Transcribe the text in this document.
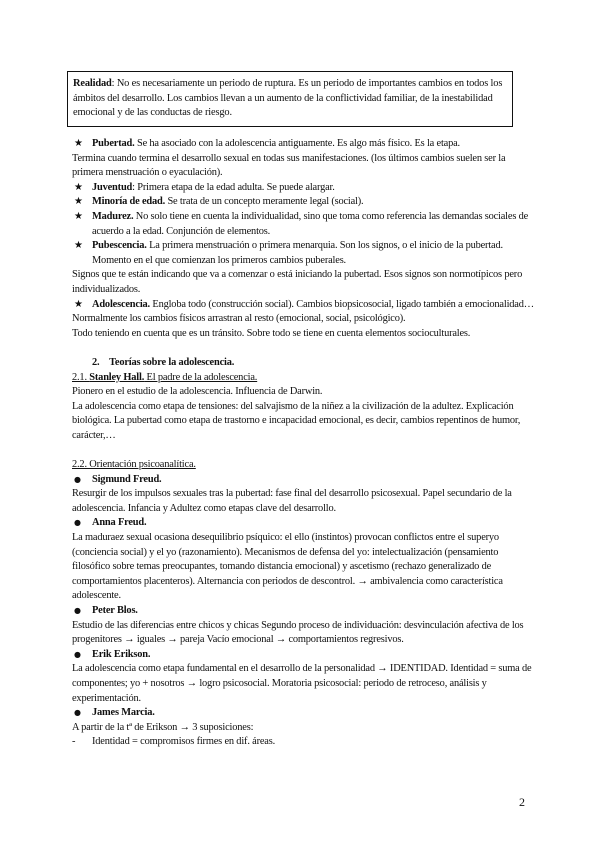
Realidad: No es necesariamente un periodo de ruptura. Es un periodo de importantes cambios en todos los ámbitos del desarrollo. Los cambios llevan a un aumento de la conflictividad familiar, de la inestabilidad emocional y de las conductas de riesgo.

★ Pubertad. Se ha asociado con la adolescencia antiguamente. Es algo más físico. Es la etapa.

Termina cuando termina el desarrollo sexual en todas sus manifestaciones. (los últimos cambios suelen ser la primera menstruación o eyaculación).

★ Juventud: Primera etapa de la edad adulta. Se puede alargar.

★ Minoría de edad. Se trata de un concepto meramente legal (social).

★ Madurez. No solo tiene en cuenta la individualidad, sino que toma como referencia las demandas sociales de acuerdo a la edad. Conjunción de elementos.

★ Pubescencia. La primera menstruación o primera menarquia. Son los signos, o el inicio de la pubertad. Momento en el que comienzan los primeros cambios puberales.

Signos que te están indicando que va a comenzar o está iniciando la pubertad. Esos signos son normotípicos pero individualizados.

★ Adolescencia. Engloba todo (construcción social). Cambios biopsicosocial, ligado también a emocionalidad…

Normalmente los cambios físicos arrastran al resto (emocional, social, psicológico).

Todo teniendo en cuenta que es un tránsito. Sobre todo se tiene en cuenta elementos socioculturales.

2. Teorías sobre la adolescencia.

2.1. Stanley Hall. El padre de la adolescencia.

Pionero en el estudio de la adolescencia. Influencia de Darwin.

La adolescencia como etapa de tensiones: del salvajismo de la niñez a la civilización de la adultez. Explicación biológica. La pubertad como etapa de trastorno e incapacidad emocional, es decir, cambios repentinos de humor, carácter,…

2.2. Orientación psicoanalítica.

● Sigmund Freud.

Resurgir de los impulsos sexuales tras la pubertad: fase final del desarrollo psicosexual. Papel secundario de la adolescencia. Infancia y Adultez como etapas clave del desarrollo.

● Anna Freud.

La maduraez sexual ocasiona desequilibrio psíquico: el ello (instintos) provocan conflictos entre el superyo (conciencia social) y el yo (razonamiento). Mecanismos de defensa del yo: intelectualización (pensamiento filosófico sobre temas preocupantes, tomando distancia emocional) y ascetismo (rechazo generalizado de comportamientos placenteros). Alternancia con periodos de descontrol. → ambivalencia como característica adolescente.

● Peter Blos.

Estudio de las diferencias entre chicos y chicas Segundo proceso de individuación: desvinculación afectiva de los progenitores → iguales → pareja Vacío emocional → comportamientos regresivos.

● Erik Erikson.

La adolescencia como etapa fundamental en el desarrollo de la personalidad → IDENTIDAD. Identidad = suma de componentes; yo + nosotros → logro psicosocial. Moratoria psicosocial: periodo de retroceso, análisis y experimentación.

● James Marcia.

A partir de la tª de Erikson → 3 suposiciones:

- Identidad = compromisos firmes en dif. áreas.

2
